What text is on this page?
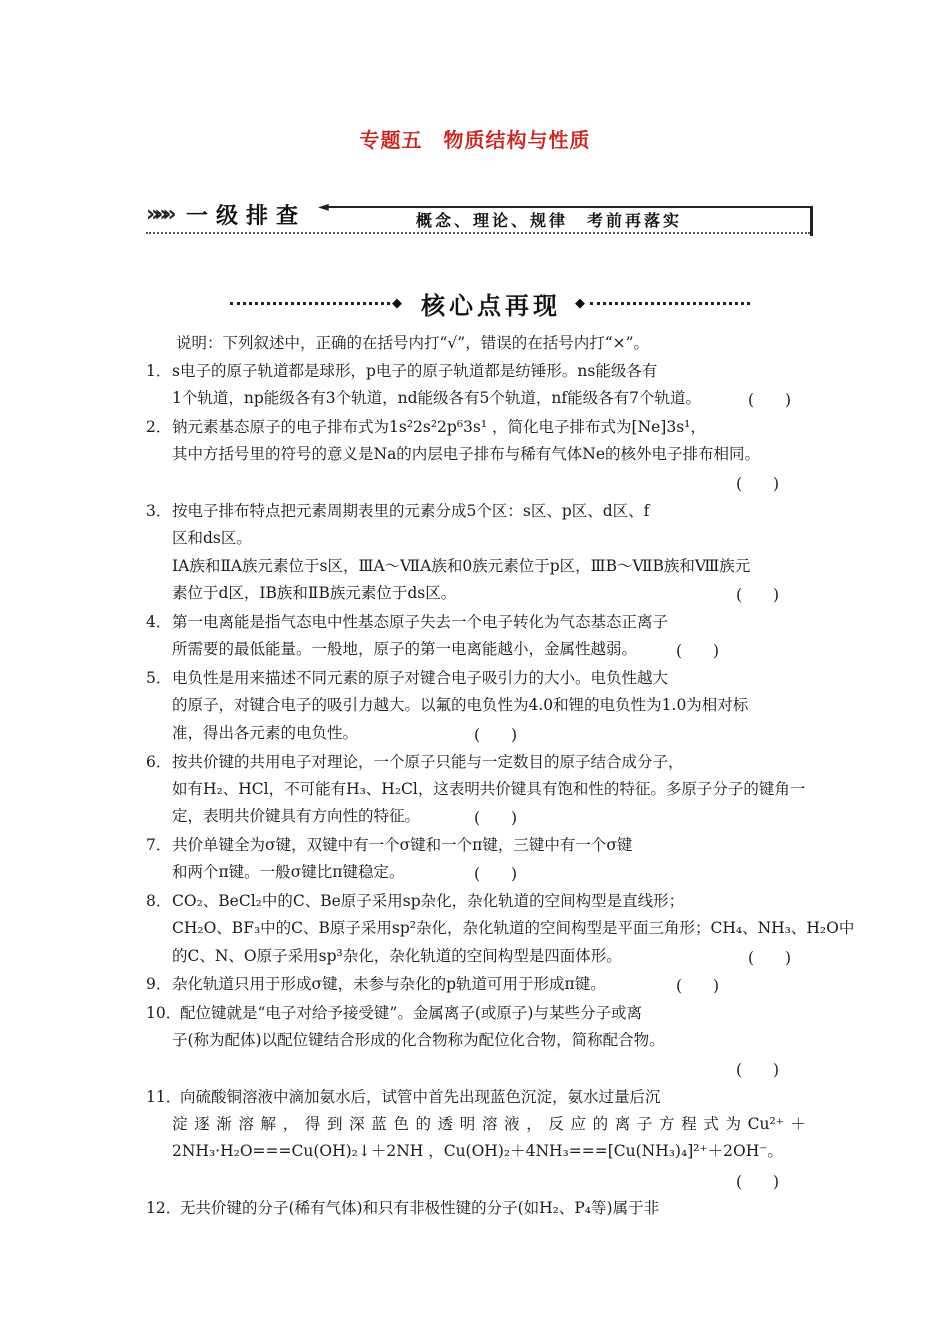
专题五　物质结构与性质
»»» 一级排查 ◄
概念、理论、规律　考前再落实
◆ 核心点再现	◆
说明：下列叙述中，正确的在括号内打“√”，错误的在括号内打“×”。
1． s电子的原子轨道都是球形，p电子的原子轨道都是纺锤形。ns能级各有
1个轨道，np能级各有3个轨道，nd能级各有5个轨道，nf能级各有7个轨道。	(　　)
2． 钠元素基态原子的电子排布式为1s²2s²2p⁶3s¹ ，简化电子排布式为[Ne]3s¹，
其中方括号里的符号的意义是Na的内层电子排布与稀有气体Ne的核外电子排布相同。
(　　)
3． 按电子排布特点把元素周期表里的元素分成5个区：s区、p区、d区、f
区和ds区。
ⅠA族和ⅡA族元素位于s区，ⅢA～ⅦA族和0族元素位于p区，ⅢB～ⅦB族和Ⅷ族元
素位于d区，ⅠB族和ⅡB族元素位于ds区。	(　　)
4． 第一电离能是指气态电中性基态原子失去一个电子转化为气态基态正离子
所需要的最低能量。一般地，原子的第一电离能越小，金属性越弱。	(　　)
5． 电负性是用来描述不同元素的原子对键合电子吸引力的大小。电负性越大
的原子，对键合电子的吸引力越大。以氟的电负性为4.0和锂的电负性为1.0为相对标
准，得出各元素的电负性。	(　　)
6． 按共价键的共用电子对理论，一个原子只能与一定数目的原子结合成分子，
如有H₂、HCl，不可能有H₃、H₂Cl，这表明共价键具有饱和性的特征。多原子分子的键角一
定，表明共价键具有方向性的特征。	(　　)
7． 共价单键全为σ键，双键中有一个σ键和一个π键，三键中有一个σ键
和两个π键。一般σ键比π键稳定。	(　　)
8． CO₂、BeCl₂中的C、Be原子采用sp杂化，杂化轨道的空间构型是直线形；
CH₂O、BF₃中的C、B原子采用sp²杂化，杂化轨道的空间构型是平面三角形；CH₄、NH₃、H₂O中
的C、N、O原子采用sp³杂化，杂化轨道的空间构型是四面体形。	(　　)
9． 杂化轨道只用于形成σ键，未参与杂化的p轨道可用于形成π键。	(　　)
10．
配位键就是“电子对给予接受键”。金属离子(或原子)与某些分子或离
子(称为配体)以配位键结合形成的化合物称为配位化合物，简称配合物。
(　　)
11．
向硫酸铜溶液中滴加氨水后，试管中首先出现蓝色沉淀，氨水过量后沉
淀逐渐溶解，得到深蓝色的透明溶液，反应的离子方程式为Cu²⁺＋
2NH₃·H₂O===Cu(OH)₂↓＋2NH ，Cu(OH)₂＋4NH₃===[Cu(NH₃)₄]²⁺＋2OH⁻。
(　　)
12．
无共价键的分子(稀有气体)和只有非极性键的分子(如H₂、P₄等)属于非
